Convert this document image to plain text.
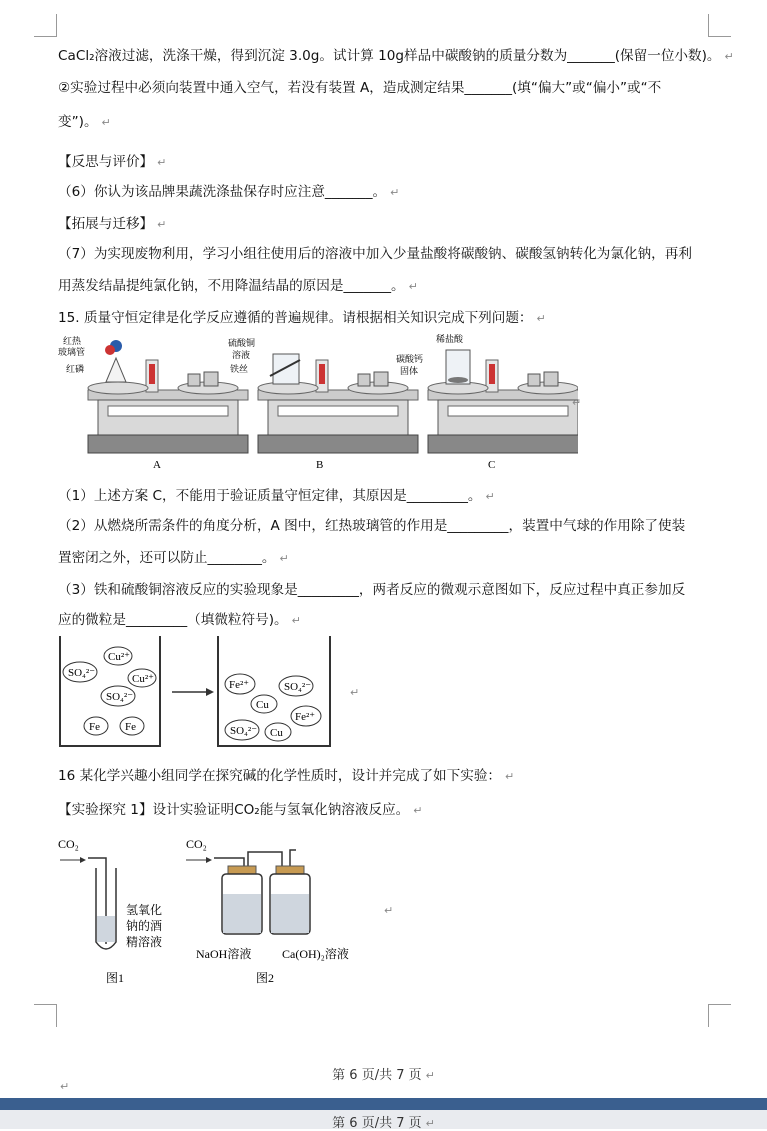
CaCl₂溶液过滤，洗涤干燥，得到沉淀 3.0g。试计算 10g样品中碳酸钠的质量分数为_______(保留一位小数)。 ↵
②实验过程中必须向装置中通入空气，若没有装置 A，造成测定结果_______(填“偏大”或“偏小”或“不
变”)。 ↵
【反思与评价】 ↵
（6）你认为该品牌果蔬洗涤盐保存时应注意_______。 ↵
【拓展与迁移】 ↵
（7）为实现废物利用，学习小组往使用后的溶液中加入少量盐酸将碳酸钠、碳酸氢钠转化为氯化钠，再利
用蒸发结晶提纯氯化钠，不用降温结晶的原因是_______。 ↵
15. 质量守恒定律是化学反应遵循的普遍规律。请根据相关知识完成下列问题： ↵
红热
玻璃管
红磷
A
硫酸铜
溶液
铁丝
B
稀盐酸
碳酸钙
固体
C
↵
（1）上述方案 C，不能用于验证质量守恒定律，其原因是_________。 ↵
（2）从燃烧所需条件的角度分析，A 图中，红热玻璃管的作用是_________，装置中气球的作用除了使装
置密闭之外，还可以防止________。 ↵
（3）铁和硫酸铜溶液反应的实验现象是_________，两者反应的微观示意图如下，反应过程中真正参加反
应的微粒是_________（填微粒符号)。 ↵
SO₄²⁻
Cu²⁺
Cu²⁺
SO₄²⁻
Fe Fe
Fe²⁺	SO₄²⁻
Cu
Fe²⁺
SO₄²⁻ Cu
↵
16 某化学兴趣小组同学在探究碱的化学性质时，设计并完成了如下实验： ↵
【实验探究 1】设计实验证明CO₂能与氢氧化钠溶液反应。 ↵
CO₂
氢氧化
钠的酒
精溶液
图1
CO₂
NaOH溶液	Ca(OH)₂溶液
图2
↵
第 6 页/共 7 页 ↵
↵
第 6 页/共 7 页 ↵
